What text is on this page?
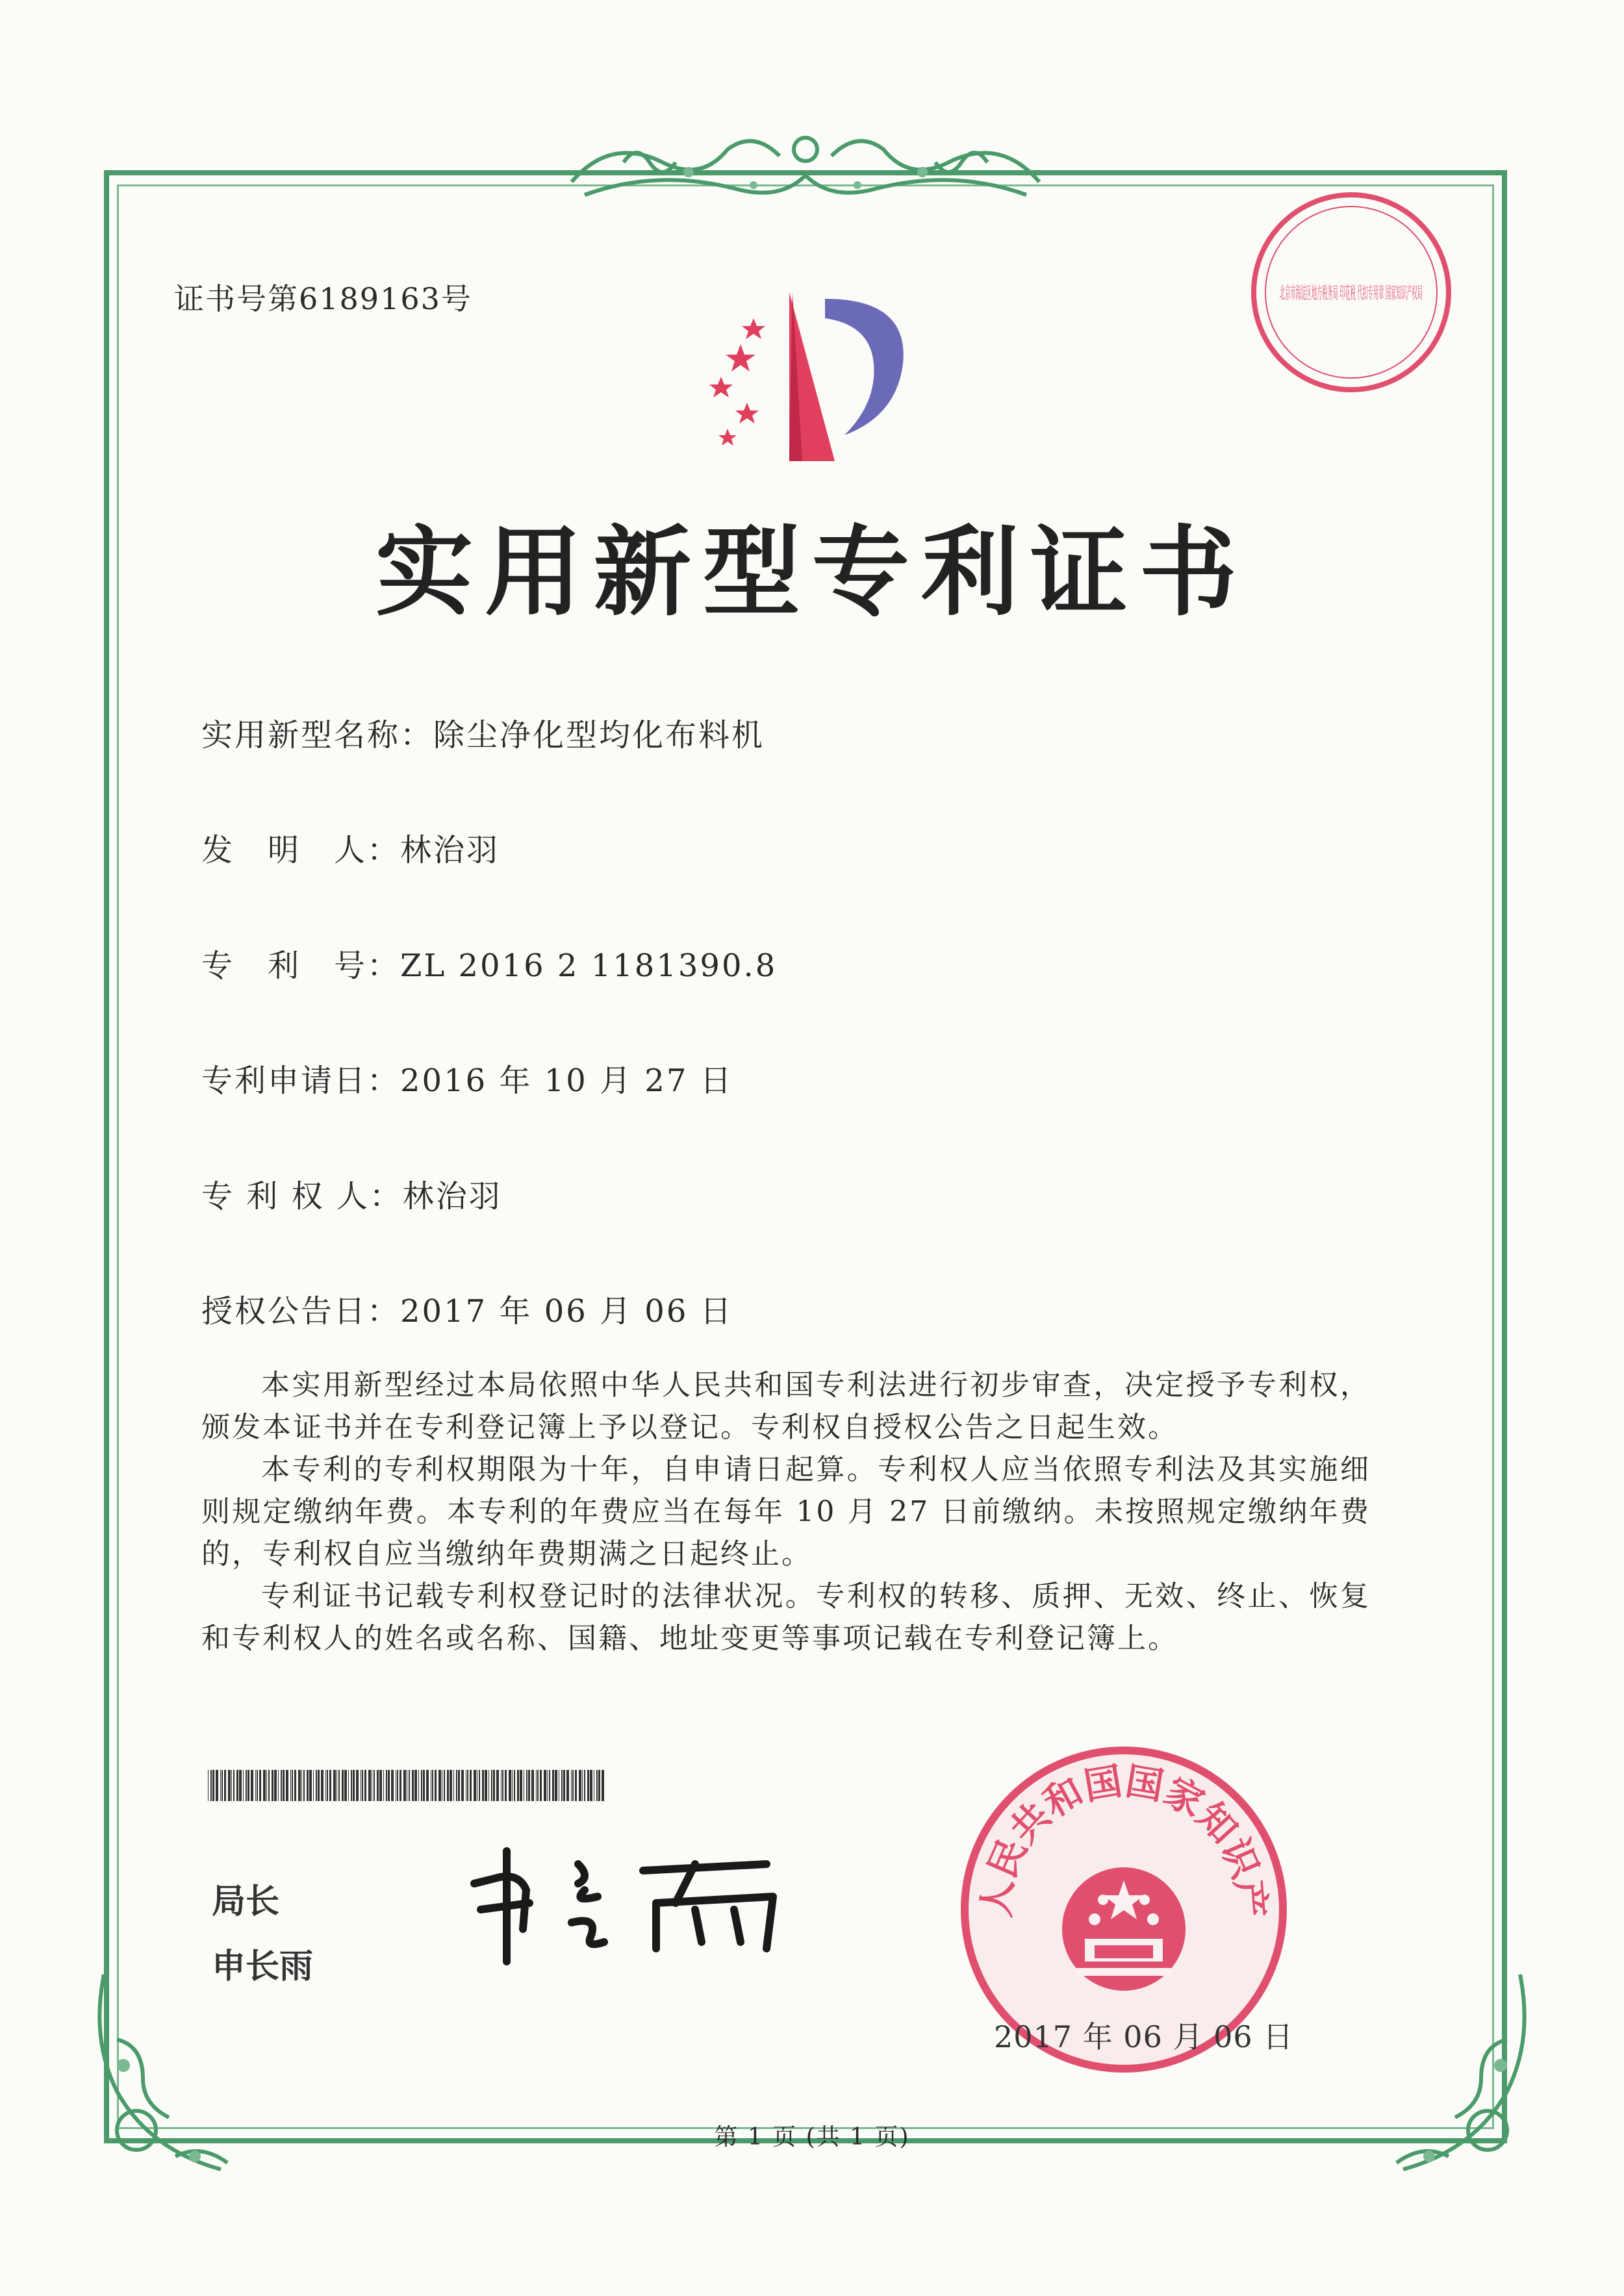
证书号第6189163号	北京市海淀区地方税务局 印花税 代扣专用章 国家知识产权局
实用新型专利证书
实用新型名称：除尘净化型均化布料机
发　明　人：林治羽
专　利　号：ZL 2016 2 1181390.8
专利申请日：2016 年 10 月 27 日
专 利 权 人：林治羽
授权公告日：2017 年 06 月 06 日

本实用新型经过本局依照中华人民共和国专利法进行初步审查，决定授予专利权，颁发本证书并在专利登记簿上予以登记。专利权自授权公告之日起生效。

本专利的专利权期限为十年，自申请日起算。专利权人应当依照专利法及其实施细则规定缴纳年费。本专利的年费应当在每年 10 月 27 日前缴纳。未按照规定缴纳年费的，专利权自应当缴纳年费期满之日起终止。

专利证书记载专利权登记时的法律状况。专利权的转移、质押、无效、终止、恢复和专利权人的姓名或名称、国籍、地址变更等事项记载在专利登记簿上。

局长
申长雨
中华人民共和国国家知识产权局
2017 年 06 月 06 日
第 1 页 (共 1 页)
